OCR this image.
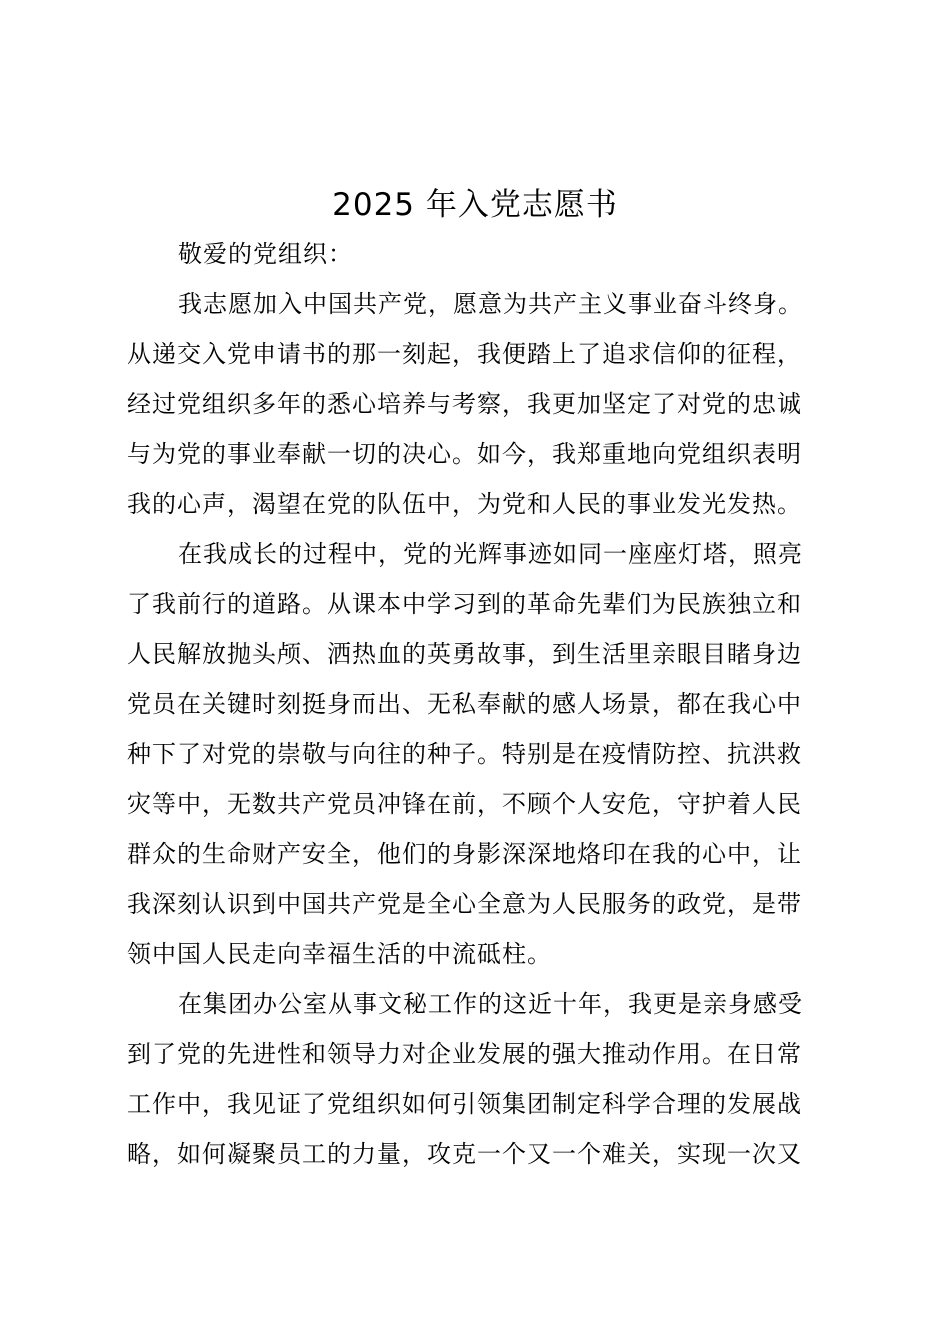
2025 年入党志愿书
敬爱的党组织：
我志愿加入中国共产党，愿意为共产主义事业奋斗终身。
从递交入党申请书的那一刻起，我便踏上了追求信仰的征程，
经过党组织多年的悉心培养与考察，我更加坚定了对党的忠诚
与为党的事业奉献一切的决心。如今，我郑重地向党组织表明
我的心声，渴望在党的队伍中，为党和人民的事业发光发热。
在我成长的过程中，党的光辉事迹如同一座座灯塔，照亮
了我前行的道路。从课本中学习到的革命先辈们为民族独立和
人民解放抛头颅、洒热血的英勇故事，到生活里亲眼目睹身边
党员在关键时刻挺身而出、无私奉献的感人场景，都在我心中
种下了对党的崇敬与向往的种子。特别是在疫情防控、抗洪救
灾等中，无数共产党员冲锋在前，不顾个人安危，守护着人民
群众的生命财产安全，他们的身影深深地烙印在我的心中，让
我深刻认识到中国共产党是全心全意为人民服务的政党，是带
领中国人民走向幸福生活的中流砥柱。
在集团办公室从事文秘工作的这近十年，我更是亲身感受
到了党的先进性和领导力对企业发展的强大推动作用。在日常
工作中，我见证了党组织如何引领集团制定科学合理的发展战
略，如何凝聚员工的力量，攻克一个又一个难关，实现一次又
